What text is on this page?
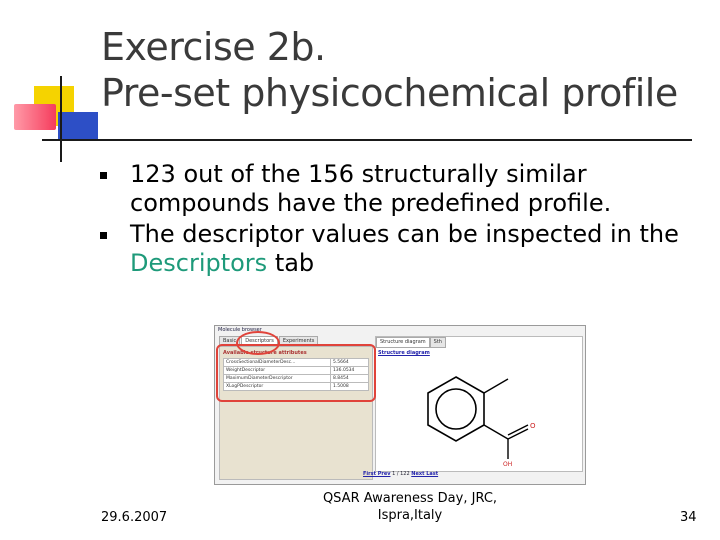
Exercise 2b.
Pre-set physicochemical profile
123 out of the 156 structurally similar compounds have the predefined profile.
The descriptor values can be inspected in the Descriptors tab
Molecule browser
Basic	Descriptors	Experiments
Available structure attributes
CrossSectionalDiameterDesc...	5.5664
WeightDescriptor	136.0534
MaximumDiameterDescriptor	8.8454
XLogPDescriptor	1.5008
Structure diagram	Sth
Structure diagram
O
OH
First Prev 1 / 122 Next Last
29.6.2007
QSAR Awareness Day, JRC,
Ispra,Italy	34
